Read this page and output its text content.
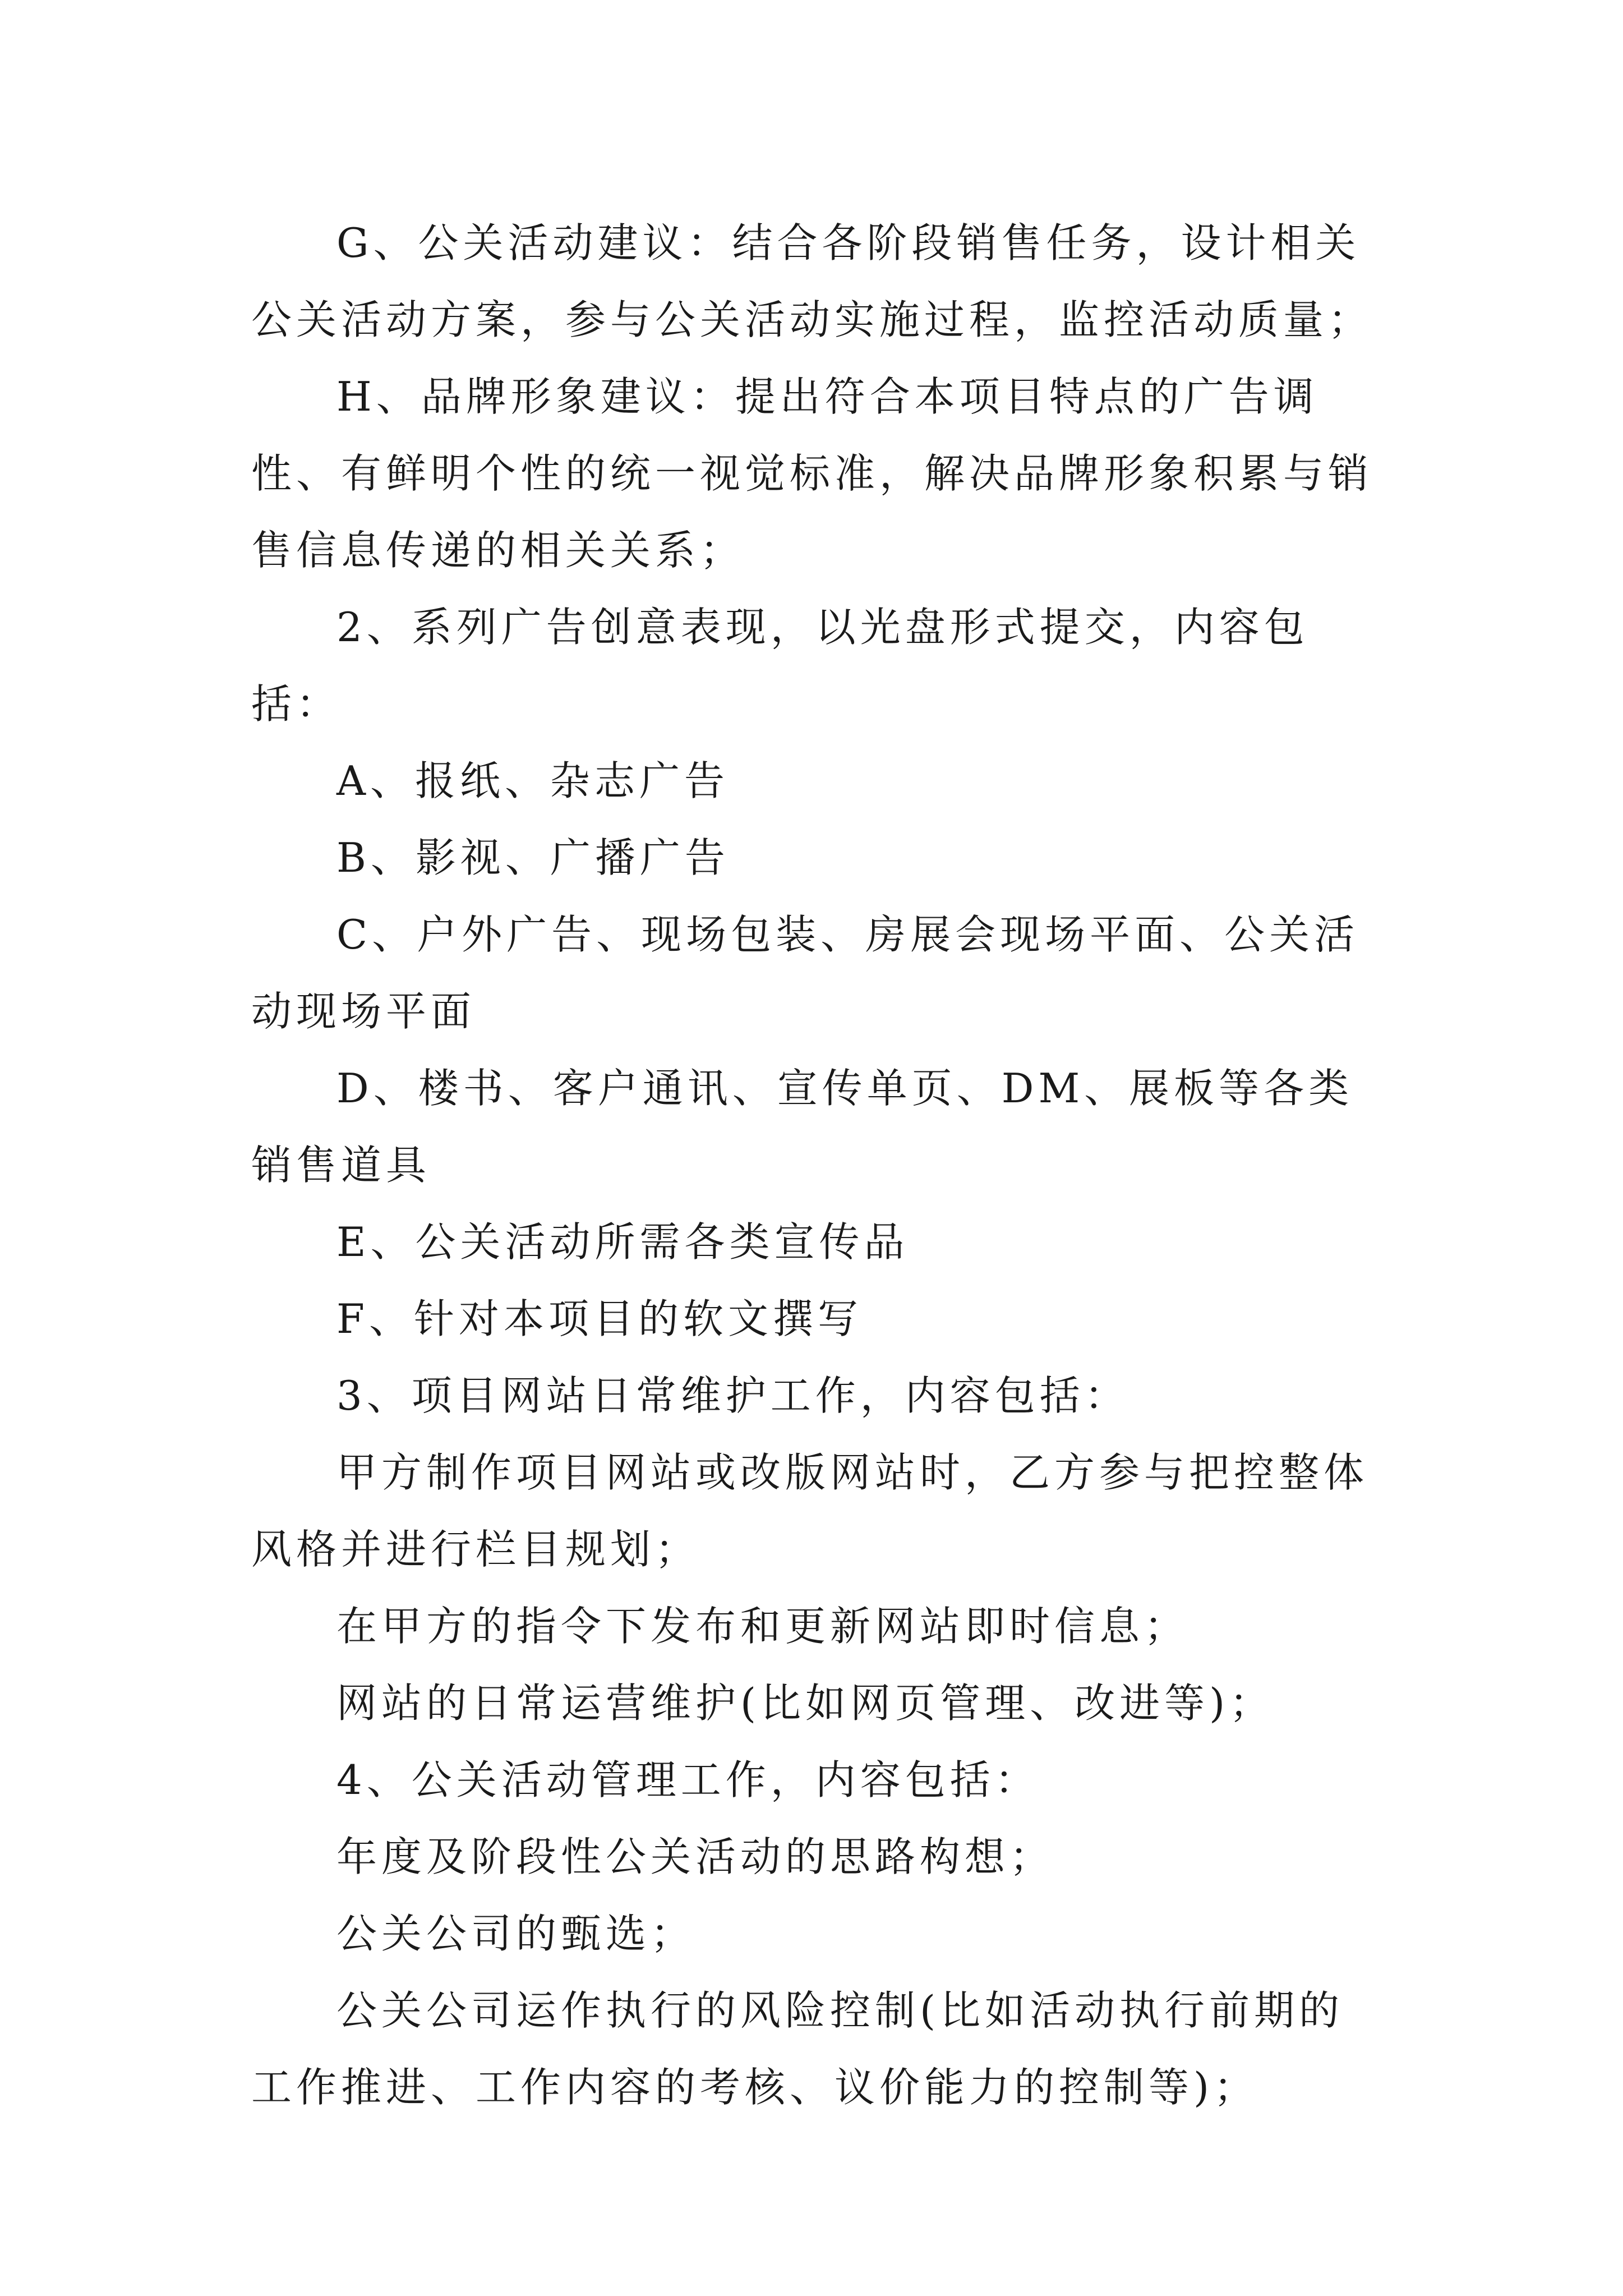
G、公关活动建议：结合各阶段销售任务，设计相关公关活动方案，参与公关活动实施过程，监控活动质量；

H、品牌形象建议：提出符合本项目特点的广告调性、有鲜明个性的统一视觉标准，解决品牌形象积累与销售信息传递的相关关系；

2、系列广告创意表现，以光盘形式提交，内容包括：

A、报纸、杂志广告

B、影视、广播广告

C、户外广告、现场包装、房展会现场平面、公关活动现场平面

D、楼书、客户通讯、宣传单页、DM、展板等各类销售道具

E、公关活动所需各类宣传品

F、针对本项目的软文撰写

3、项目网站日常维护工作，内容包括：

甲方制作项目网站或改版网站时，乙方参与把控整体风格并进行栏目规划；

在甲方的指令下发布和更新网站即时信息；

网站的日常运营维护(比如网页管理、改进等)；

4、公关活动管理工作，内容包括：

年度及阶段性公关活动的思路构想；

公关公司的甄选；

公关公司运作执行的风险控制(比如活动执行前期的工作推进、工作内容的考核、议价能力的控制等)；
